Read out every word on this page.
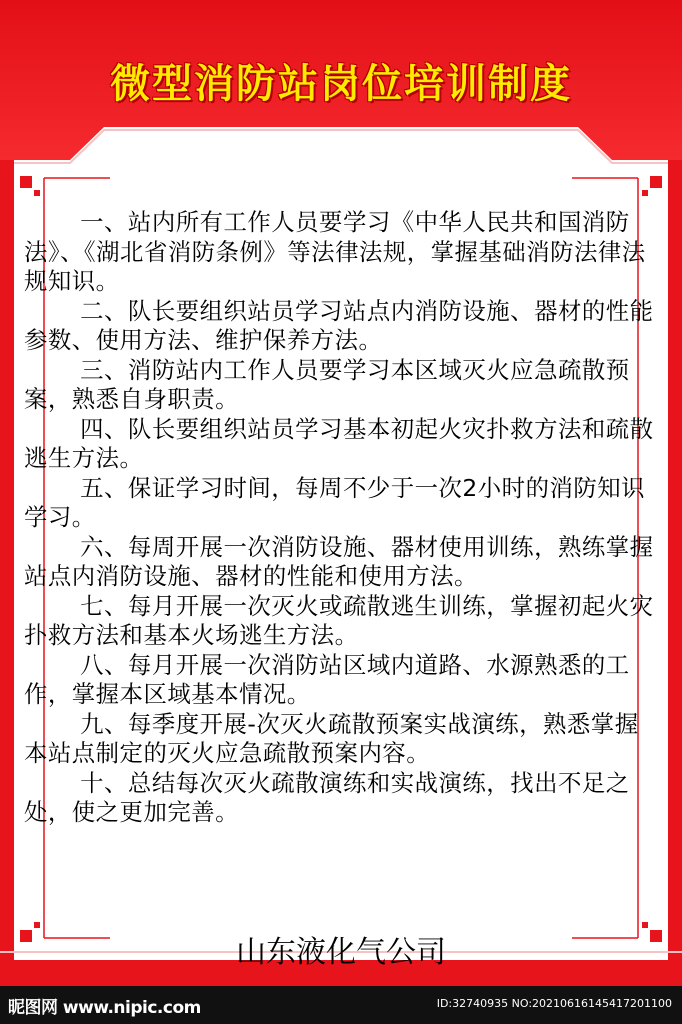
微型消防站岗位培训制度

一、站内所有工作人员要学习《中华人民共和国消防法》、《湖北省消防条例》等法律法规，掌握基础消防法律法规知识。

二、队长要组织站员学习站点内消防设施、器材的性能参数、使用方法、维护保养方法。

三、消防站内工作人员要学习本区域灭火应急疏散预案，熟悉自身职责。

四、队长要组织站员学习基本初起火灾扑救方法和疏散逃生方法。

五、保证学习时间，每周不少于一次2小时的消防知识学习。

六、每周开展一次消防设施、器材使用训练，熟练掌握站点内消防设施、器材的性能和使用方法。

七、每月开展一次灭火或疏散逃生训练，掌握初起火灾扑救方法和基本火场逃生方法。

八、每月开展一次消防站区域内道路、水源熟悉的工作，掌握本区域基本情况。

九、每季度开展-次灭火疏散预案实战演练，熟悉掌握本站点制定的灭火应急疏散预案内容。

十、总结每次灭火疏散演练和实战演练，找出不足之处，使之更加完善。

山东液化气公司
昵图网 www.nipic.com	ID:32740935 NO:20210616145417201100
